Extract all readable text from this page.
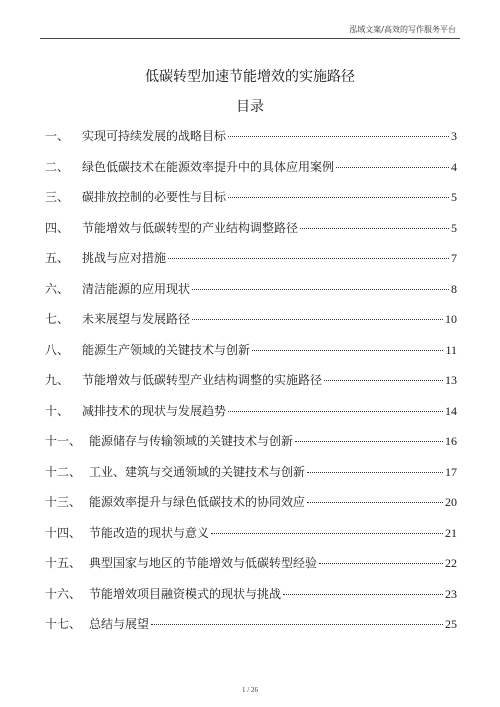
泓域文案/高效的写作服务平台
低碳转型加速节能增效的实施路径
目录
一、	实现可持续发展的战略目标	3
二、	绿色低碳技术在能源效率提升中的具体应用案例	4
三、	碳排放控制的必要性与目标	5
四、	节能增效与低碳转型的产业结构调整路径	5
五、	挑战与应对措施	7
六、	清洁能源的应用现状	8
七、	未来展望与发展路径	10
八、	能源生产领域的关键技术与创新	11
九、	节能增效与低碳转型产业结构调整的实施路径	13
十、	减排技术的现状与发展趋势	14
十一、 能源储存与传输领域的关键技术与创新	16
十二、 工业、建筑与交通领域的关键技术与创新	17
十三、 能源效率提升与绿色低碳技术的协同效应	20
十四、 节能改造的现状与意义	21
十五、 典型国家与地区的节能增效与低碳转型经验	22
十六、 节能增效项目融资模式的现状与挑战	23
十七、 总结与展望	25
1 / 26
